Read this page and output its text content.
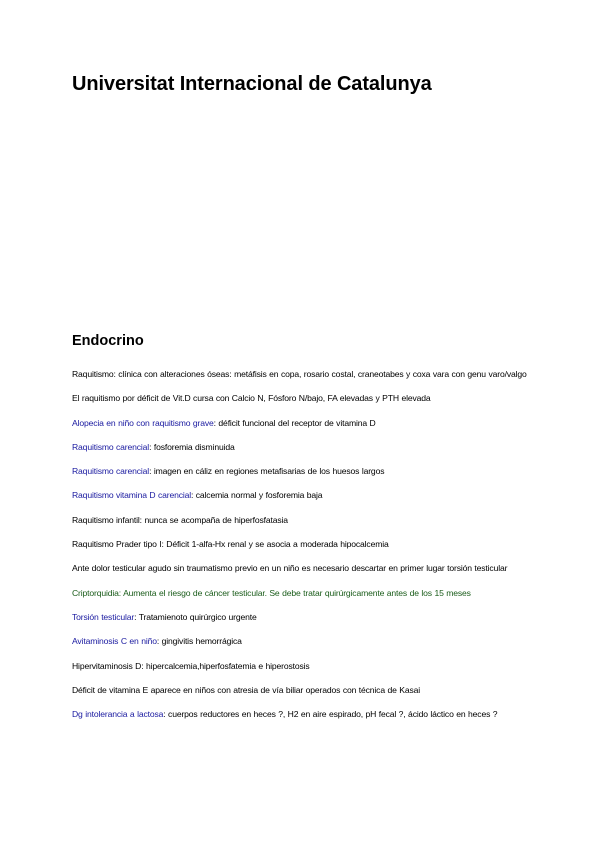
Universitat Internacional de Catalunya
Endocrino
Raquitismo: clínica con alteraciones óseas: metáfisis en copa, rosario costal, craneotabes y coxa vara con genu varo/valgo
El raquitismo por déficit de Vit.D cursa con Calcio N, Fósforo N/bajo, FA elevadas y PTH elevada
Alopecia en niño con raquitismo grave: déficit funcional del receptor de vitamina D
Raquitismo carencial: fosforemia disminuida
Raquitismo carencial: imagen en cáliz en regiones metafisarias de los huesos largos
Raquitismo vitamina D carencial: calcemia normal y fosforemia baja
Raquitismo infantil: nunca se acompaña de hiperfosfatasia
Raquitismo Prader tipo I: Déficit 1-alfa-Hx renal y se asocia a moderada hipocalcemia
Ante dolor testicular agudo sin traumatismo previo en un niño es necesario descartar en primer lugar torsión testicular
Criptorquidia: Aumenta el riesgo de cáncer testicular. Se debe tratar quirúrgicamente antes de los 15 meses
Torsión testicular: Tratamienoto quirúrgico urgente
Avitaminosis C en niño: gingivitis hemorrágica
Hipervitaminosis D: hipercalcemia,hiperfosfatemia e hiperostosis
Déficit de vitamina E aparece en niños con atresia de vía biliar operados con técnica de Kasai
Dg intolerancia a lactosa: cuerpos reductores en heces ?, H2 en aire espirado, pH fecal ?, ácido láctico en heces ?
